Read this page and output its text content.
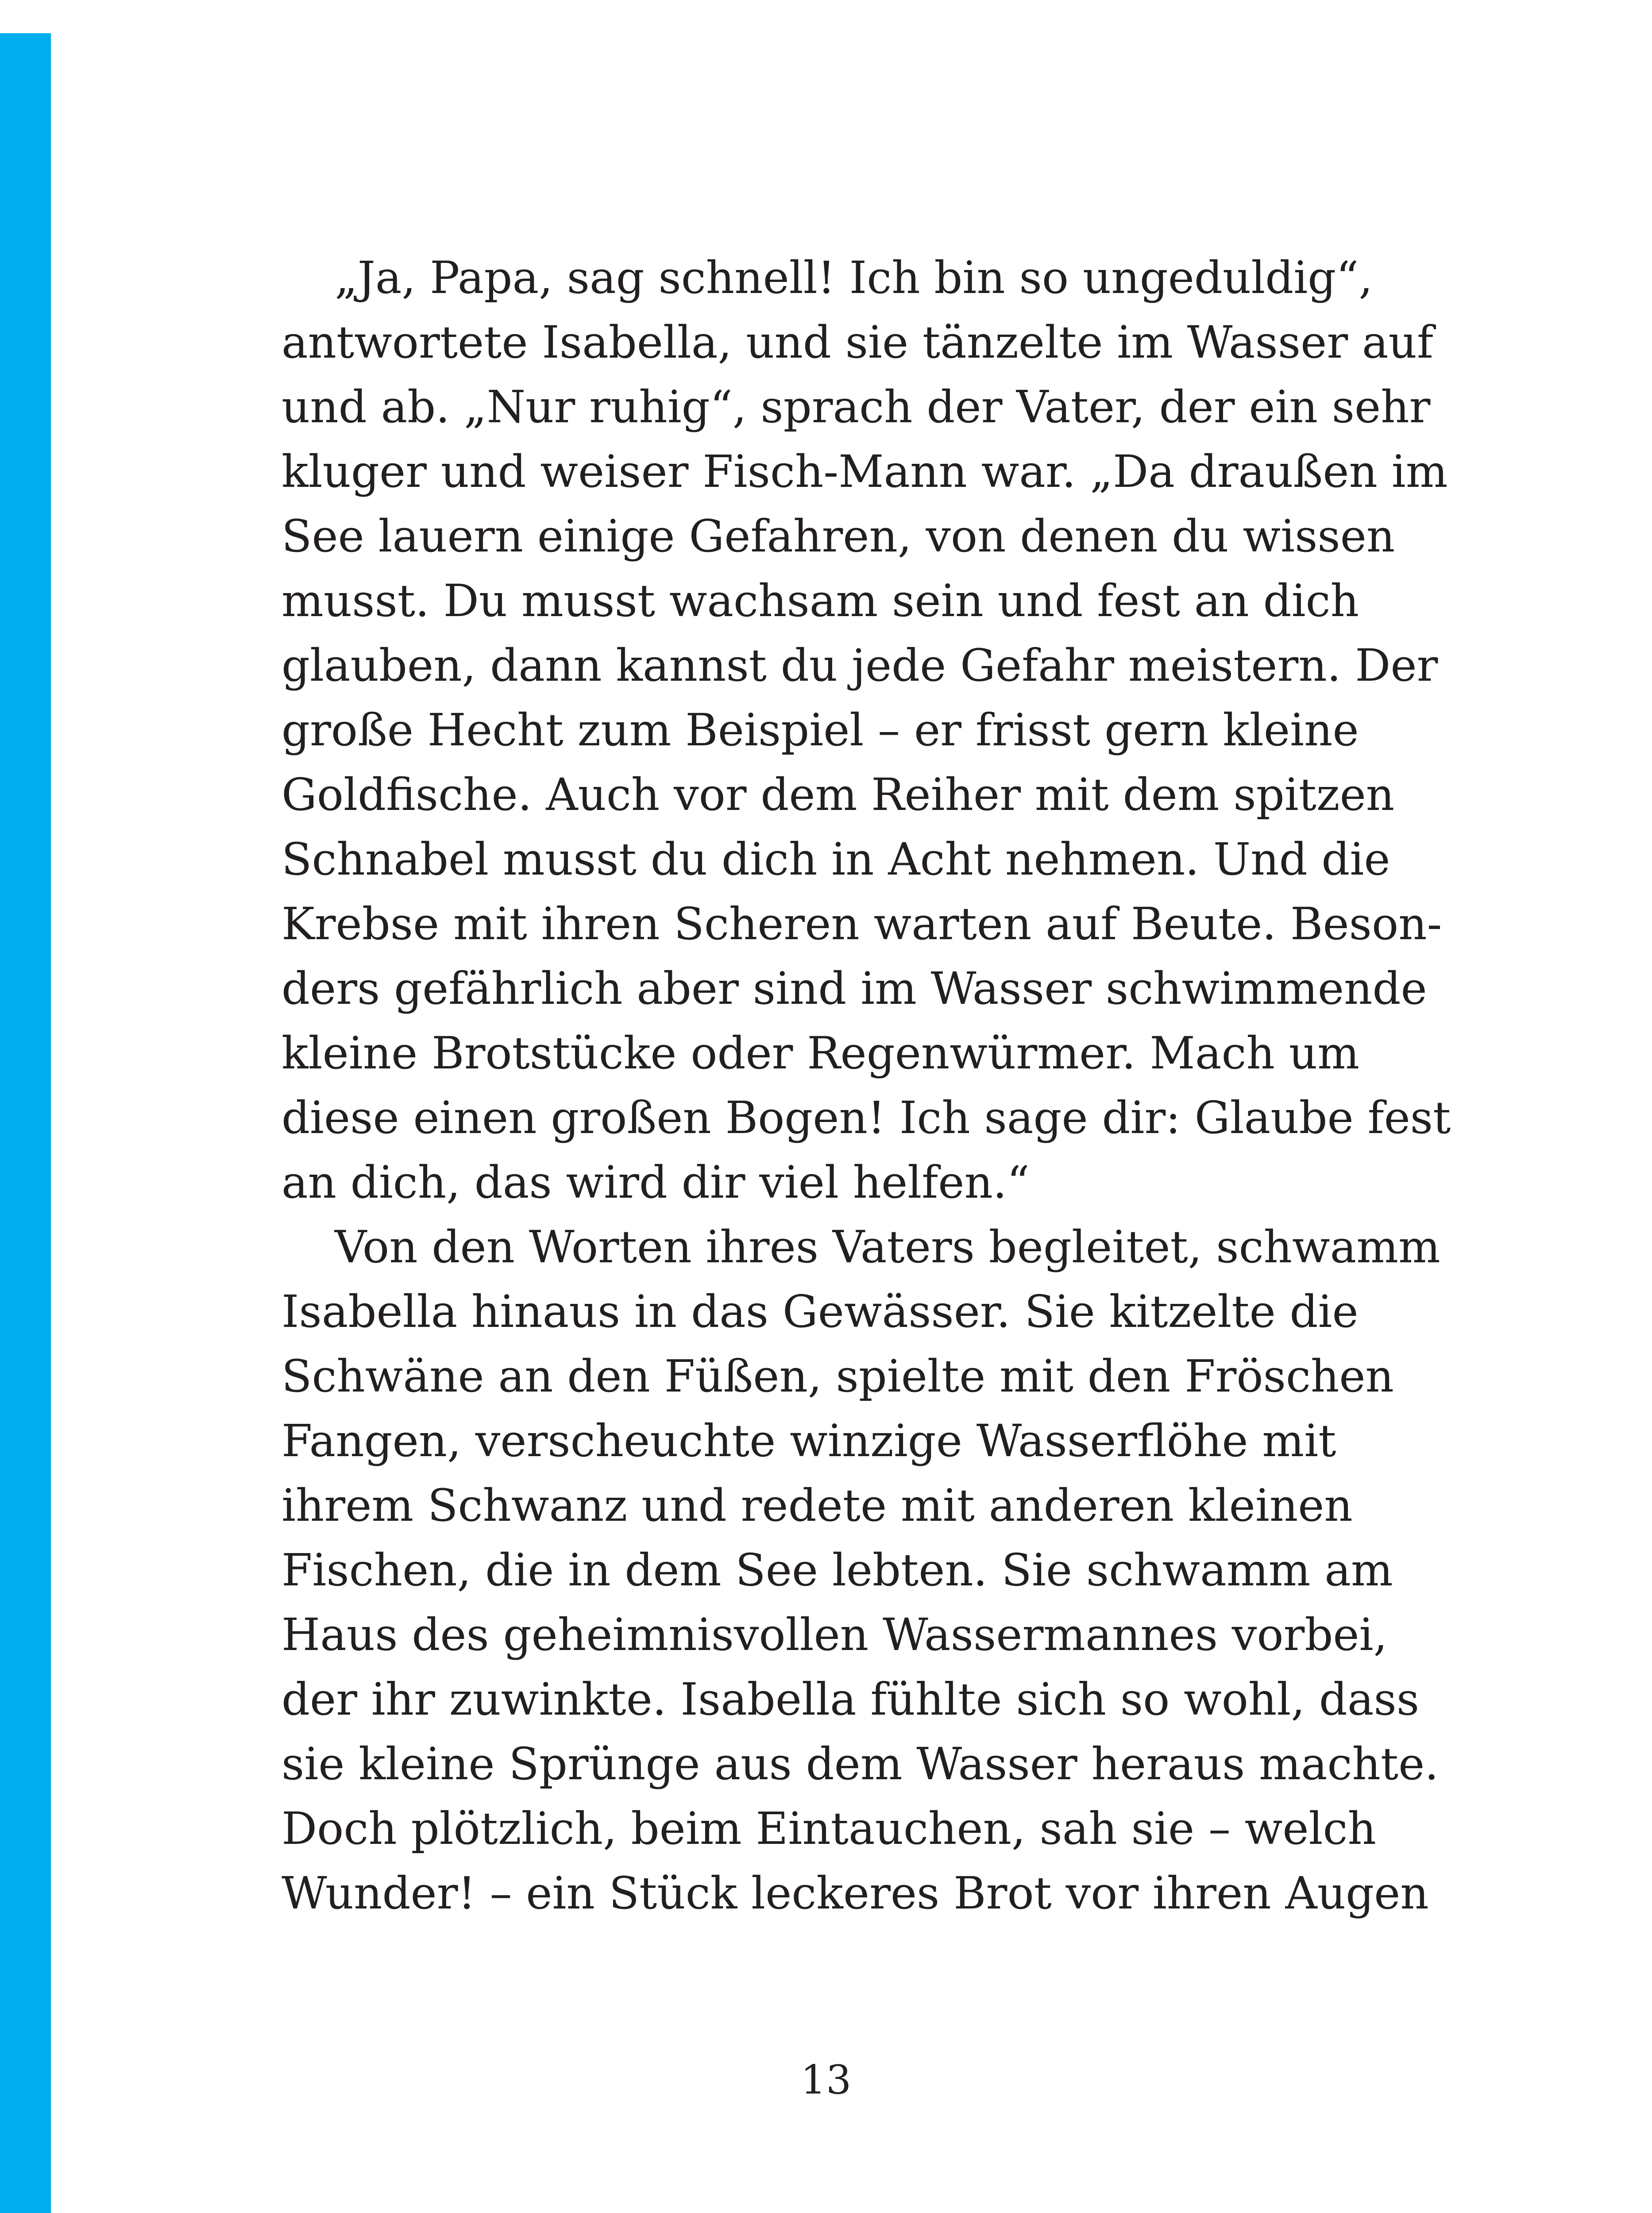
„Ja, Papa, sag schnell! Ich bin so ungeduldig“,
antwortete Isabella, und sie tänzelte im Wasser auf
und ab. „Nur ruhig“, sprach der Vater, der ein sehr
kluger und weiser Fisch-Mann war. „Da draußen im
See lauern einige Gefahren, von denen du wissen
musst. Du musst wachsam sein und fest an dich
glauben, dann kannst du jede Gefahr meistern. Der
große Hecht zum Beispiel – er frisst gern kleine
Goldfische. Auch vor dem Reiher mit dem spitzen
Schnabel musst du dich in Acht nehmen. Und die
Krebse mit ihren Scheren warten auf Beute. Beson-
ders gefährlich aber sind im Wasser schwimmende
kleine Brotstücke oder Regenwürmer. Mach um
diese einen großen Bogen! Ich sage dir: Glaube fest
an dich, das wird dir viel helfen.“
Von den Worten ihres Vaters begleitet, schwamm
Isabella hinaus in das Gewässer. Sie kitzelte die
Schwäne an den Füßen, spielte mit den Fröschen
Fangen, verscheuchte winzige Wasserflöhe mit
ihrem Schwanz und redete mit anderen kleinen
Fischen, die in dem See lebten. Sie schwamm am
Haus des geheimnisvollen Wassermannes vorbei,
der ihr zuwinkte. Isabella fühlte sich so wohl, dass
sie kleine Sprünge aus dem Wasser heraus machte.
Doch plötzlich, beim Eintauchen, sah sie – welch
Wunder! – ein Stück leckeres Brot vor ihren Augen
13
